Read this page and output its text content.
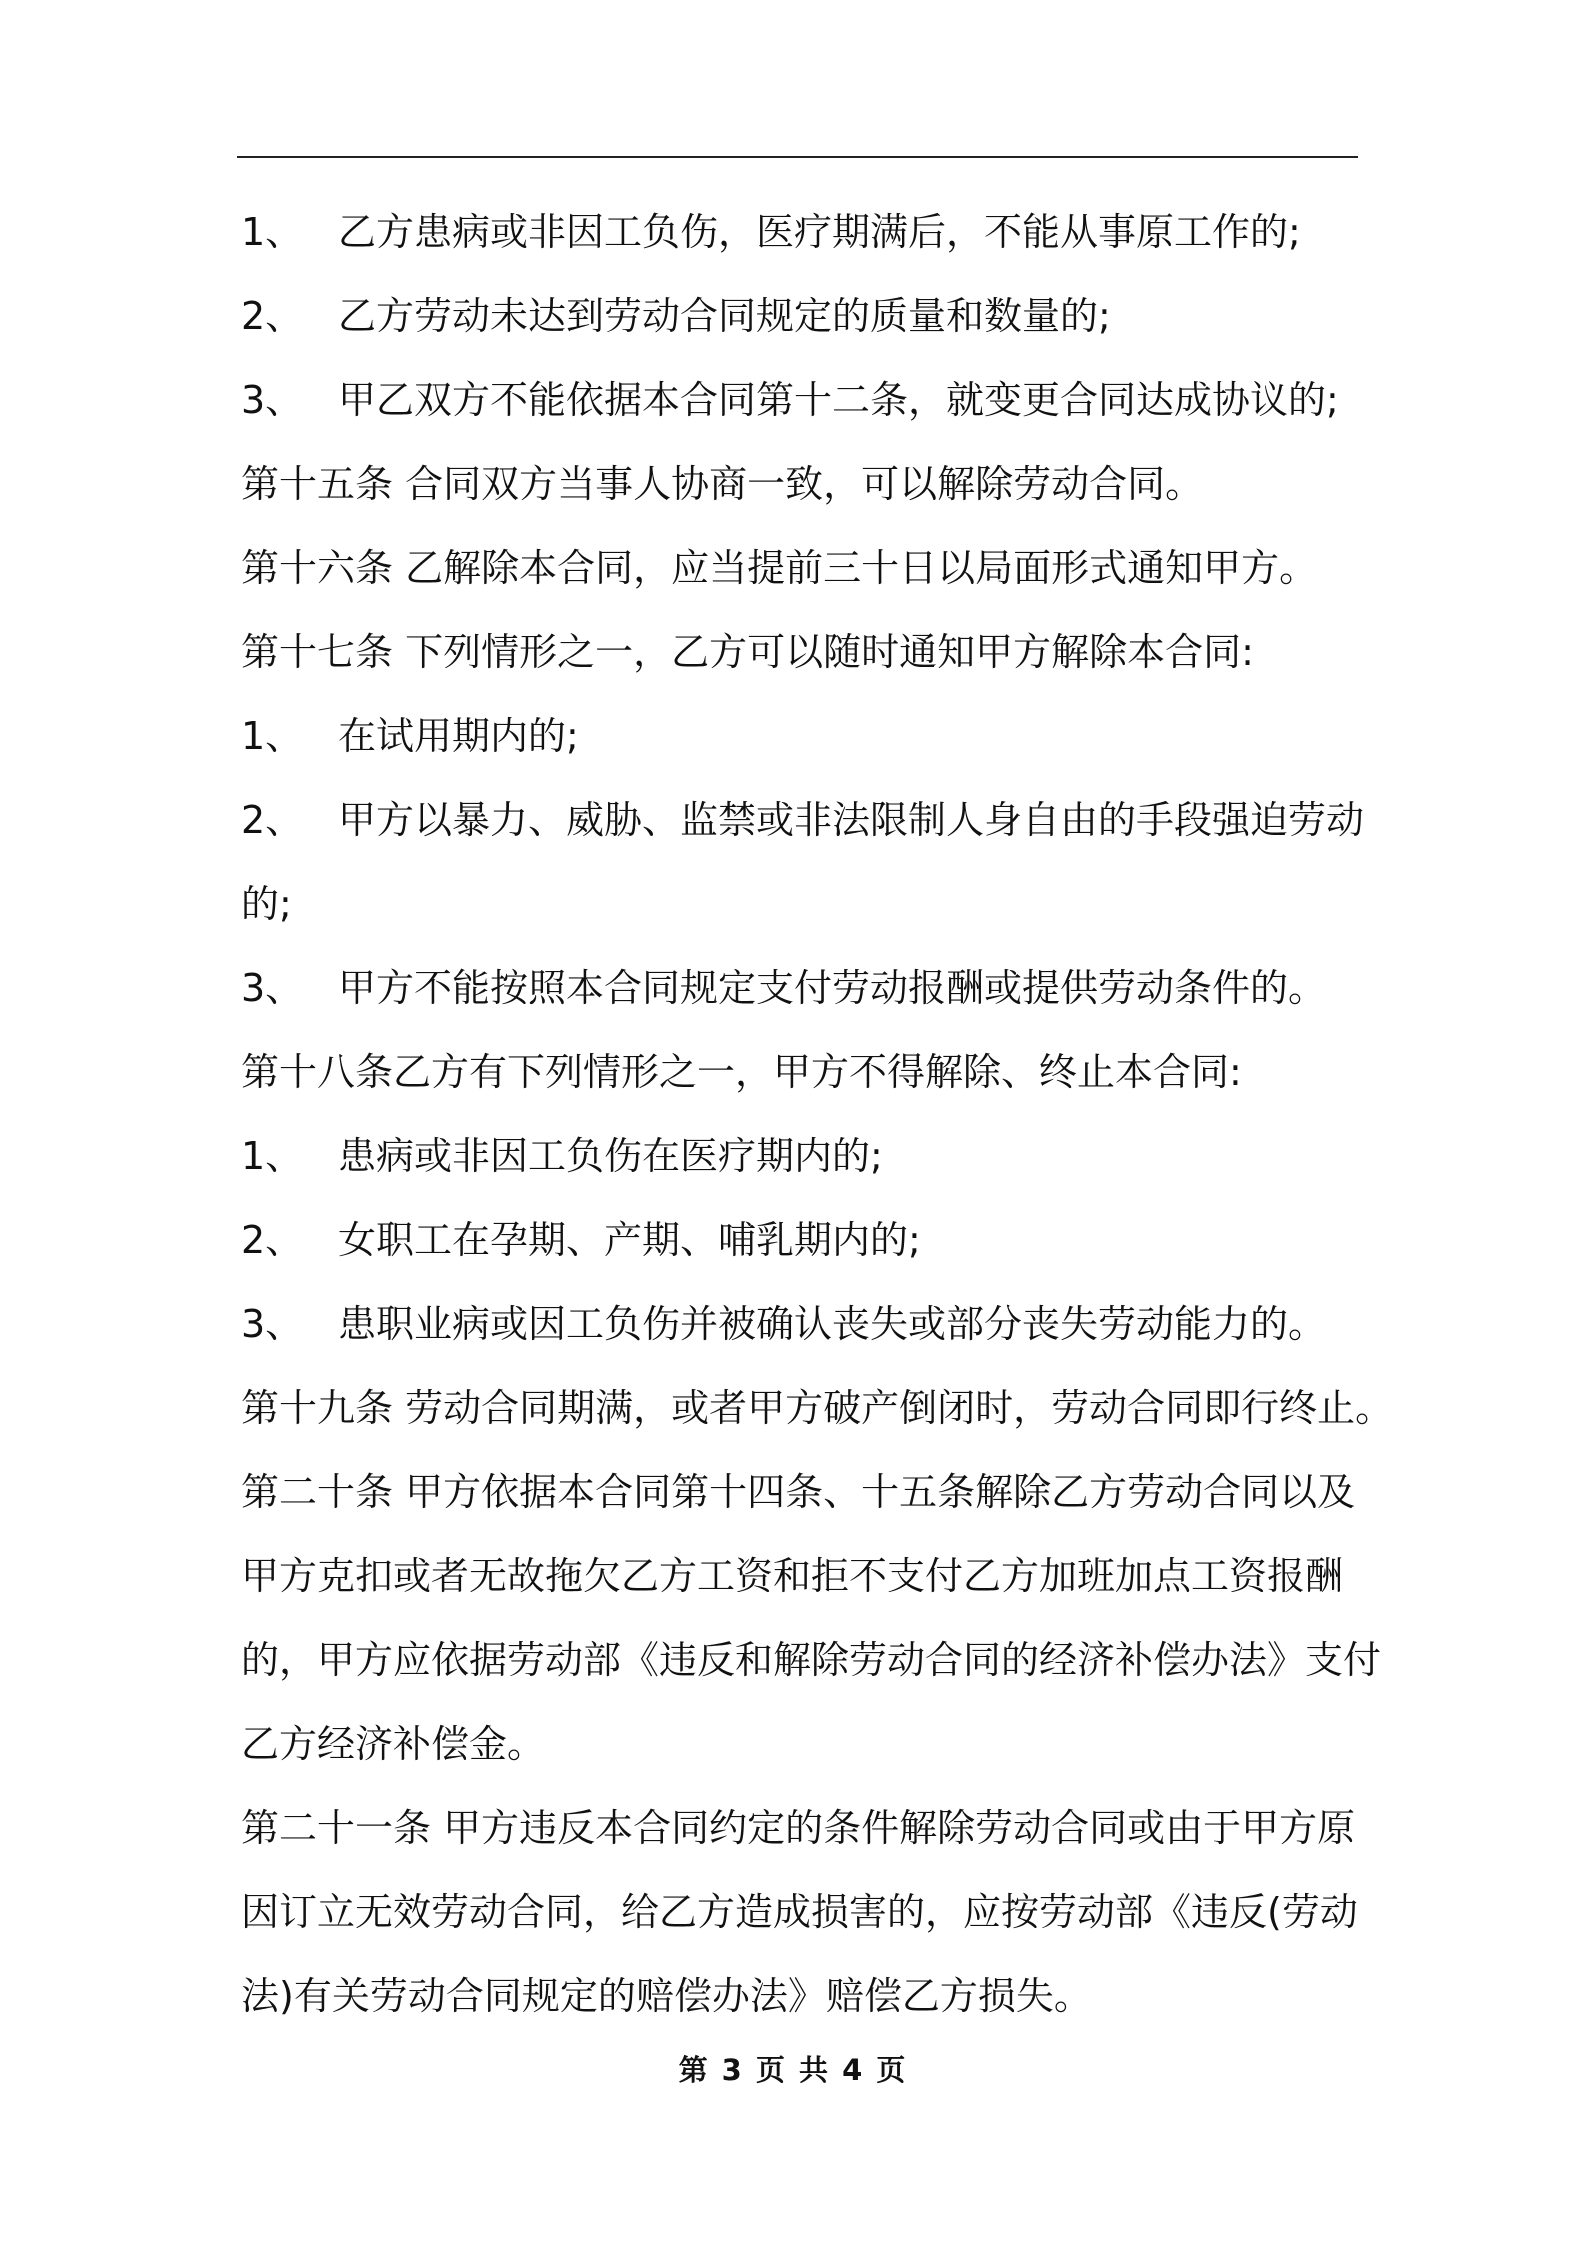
1、 乙方患病或非因工负伤，医疗期满后，不能从事原工作的;
2、 乙方劳动未达到劳动合同规定的质量和数量的;
3、 甲乙双方不能依据本合同第十二条，就变更合同达成协议的;
第十五条 合同双方当事人协商一致，可以解除劳动合同。
第十六条 乙解除本合同，应当提前三十日以局面形式通知甲方。
第十七条 下列情形之一，乙方可以随时通知甲方解除本合同:
1、 在试用期内的;
2、 甲方以暴力、威胁、监禁或非法限制人身自由的手段强迫劳动
的;
3、 甲方不能按照本合同规定支付劳动报酬或提供劳动条件的。
第十八条乙方有下列情形之一，甲方不得解除、终止本合同:
1、 患病或非因工负伤在医疗期内的;
2、 女职工在孕期、产期、哺乳期内的;
3、 患职业病或因工负伤并被确认丧失或部分丧失劳动能力的。
第十九条 劳动合同期满，或者甲方破产倒闭时，劳动合同即行终止。
第二十条 甲方依据本合同第十四条、十五条解除乙方劳动合同以及
甲方克扣或者无故拖欠乙方工资和拒不支付乙方加班加点工资报酬
的，甲方应依据劳动部《违反和解除劳动合同的经济补偿办法》支付
乙方经济补偿金。
第二十一条 甲方违反本合同约定的条件解除劳动合同或由于甲方原
因订立无效劳动合同，给乙方造成损害的，应按劳动部《违反(劳动
法)有关劳动合同规定的赔偿办法》赔偿乙方损失。
第 3 页 共 4 页
